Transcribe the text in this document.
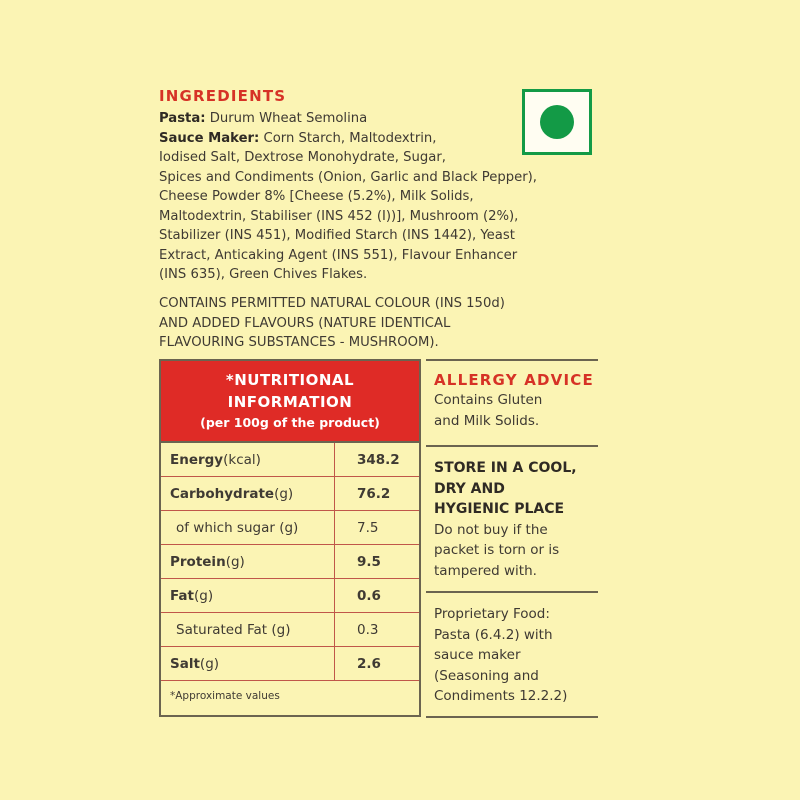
INGREDIENTS

Pasta: Durum Wheat Semolina

Sauce Maker: Corn Starch, Maltodextrin,
Iodised Salt, Dextrose Monohydrate, Sugar,
Spices and Condiments (Onion, Garlic and Black Pepper),
Cheese Powder 8% [Cheese (5.2%), Milk Solids,
Maltodextrin, Stabiliser (INS 452 (I))], Mushroom (2%),
Stabilizer (INS 451), Modified Starch (INS 1442), Yeast
Extract, Anticaking Agent (INS 551), Flavour Enhancer
(INS 635), Green Chives Flakes.

CONTAINS PERMITTED NATURAL COLOUR (INS 150d)
AND ADDED FLAVOURS (NATURE IDENTICAL
FLAVOURING SUBSTANCES - MUSHROOM).

*NUTRITIONAL
INFORMATION
(per 100g of the product)
Energy (kcal)	348.2
Carbohydrate (g)	76.2
of which sugar (g)	7.5
Protein (g)	9.5
Fat (g)	0.6
Saturated Fat (g)	0.3
Salt (g)	2.6
*Approximate values
ALLERGY ADVICE

Contains Gluten
and Milk Solids.

STORE IN A COOL,
DRY AND
HYGIENIC PLACE

Do not buy if the
packet is torn or is
tampered with.

Proprietary Food:
Pasta (6.4.2) with
sauce maker
(Seasoning and
Condiments 12.2.2)
